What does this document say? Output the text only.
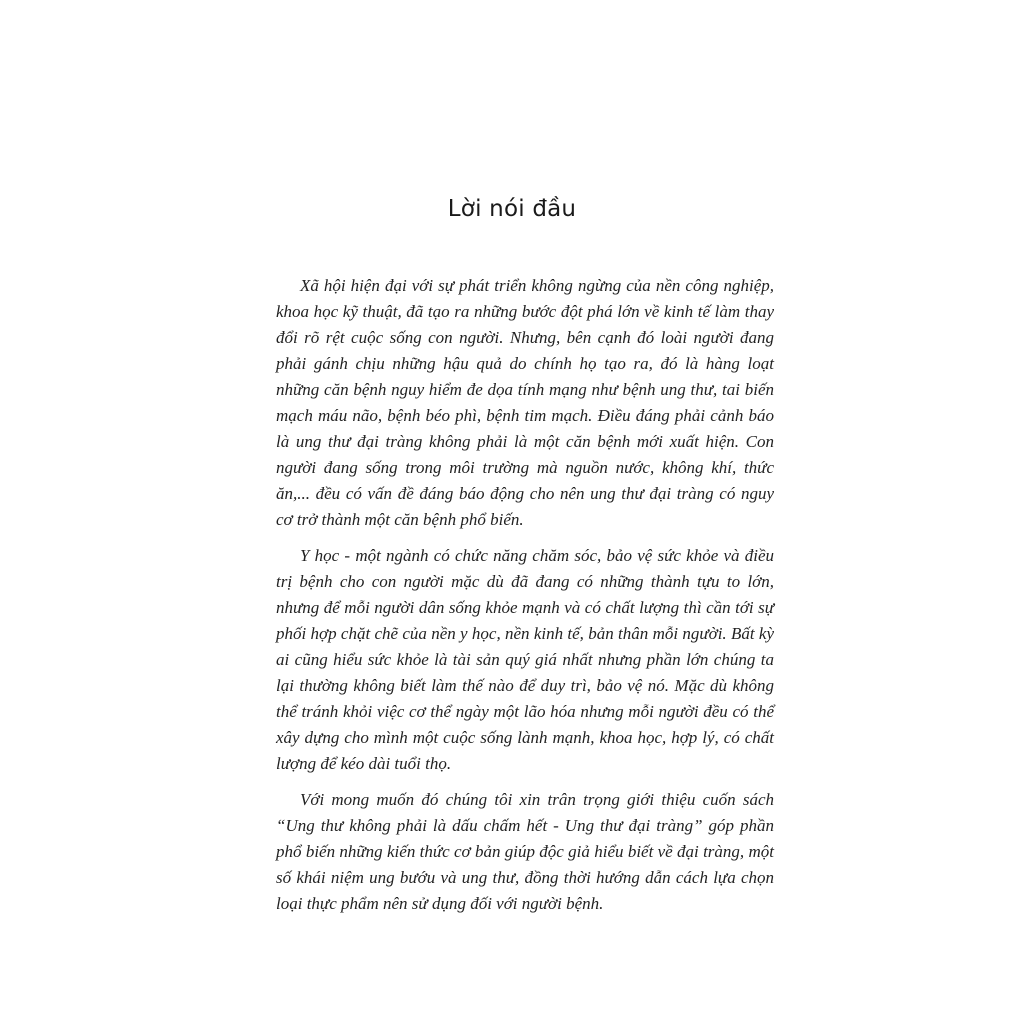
Lời nói đầu

Xã hội hiện đại với sự phát triển không ngừng của nền công nghiệp, khoa học kỹ thuật, đã tạo ra những bước đột phá lớn về kinh tế làm thay đổi rõ rệt cuộc sống con người. Nhưng, bên cạnh đó loài người đang phải gánh chịu những hậu quả do chính họ tạo ra, đó là hàng loạt những căn bệnh nguy hiểm đe dọa tính mạng như bệnh ung thư, tai biến mạch máu não, bệnh béo phì, bệnh tim mạch. Điều đáng phải cảnh báo là ung thư đại tràng không phải là một căn bệnh mới xuất hiện. Con người đang sống trong môi trường mà nguồn nước, không khí, thức ăn,... đều có vấn đề đáng báo động cho nên ung thư đại tràng có nguy cơ trở thành một căn bệnh phổ biến.

Y học - một ngành có chức năng chăm sóc, bảo vệ sức khỏe và điều trị bệnh cho con người mặc dù đã đang có những thành tựu to lớn, nhưng để mỗi người dân sống khỏe mạnh và có chất lượng thì cần tới sự phối hợp chặt chẽ của nền y học, nền kinh tế, bản thân mỗi người. Bất kỳ ai cũng hiểu sức khỏe là tài sản quý giá nhất nhưng phần lớn chúng ta lại thường không biết làm thế nào để duy trì, bảo vệ nó. Mặc dù không thể tránh khỏi việc cơ thể ngày một lão hóa nhưng mỗi người đều có thể xây dựng cho mình một cuộc sống lành mạnh, khoa học, hợp lý, có chất lượng để kéo dài tuổi thọ.

Với mong muốn đó chúng tôi xin trân trọng giới thiệu cuốn sách “Ung thư không phải là dấu chấm hết - Ung thư đại tràng” góp phần phổ biến những kiến thức cơ bản giúp độc giả hiểu biết về đại tràng, một số khái niệm ung bướu và ung thư, đồng thời hướng dẫn cách lựa chọn loại thực phẩm nên sử dụng đối với người bệnh.
